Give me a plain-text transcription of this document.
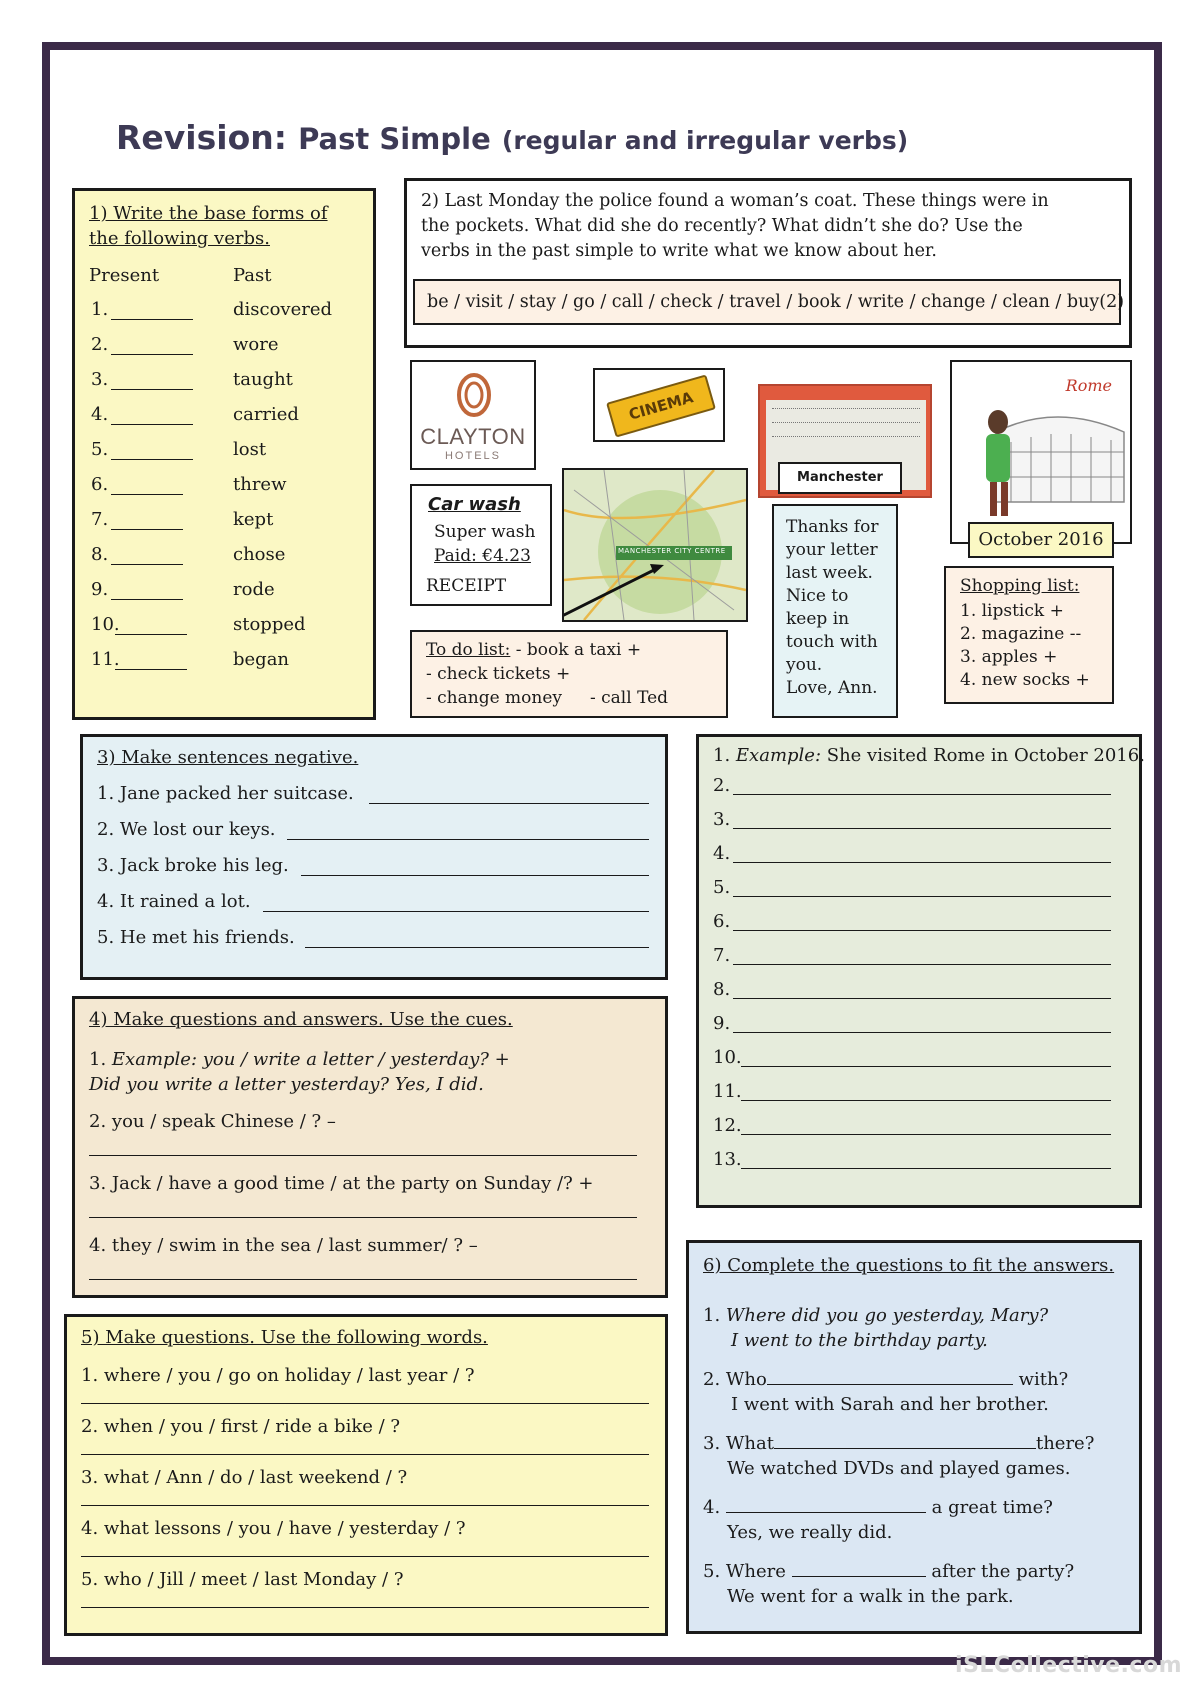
Revision: Past Simple (regular and irregular verbs)
1) Write the base forms of
the following verbs.
Present	Past
1.	discovered
2.	wore
3.	taught
4.	carried
5.	lost
6.	threw
7.	kept
8.	chose
9.	rode
10.	stopped
11.	began
2) Last Monday the police found a woman’s coat. These things were in
the pockets. What did she do recently? What didn’t she do? Use the
verbs in the past simple to write what we know about her.
be / visit / stay / go / call / check / travel / book / write / change / clean / buy(2)
CLAYTON
HOTELS
CINEMA
Manchester
Rome
October 2016
Car wash
Super wash
Paid: €4.23
RECEIPT
MANCHESTER CITY CENTRE
Thanks for
your letter
last week.
Nice to
keep in
touch with
you.
Love, Ann.
Shopping list:
1. lipstick +
2. magazine --
3. apples +
4. new socks +
To do list: - book a taxi +
- check tickets +
- change money - call Ted
3) Make sentences negative.
1. Jane packed her suitcase.
2. We lost our keys.
3. Jack broke his leg.
4. It rained a lot.
5. He met his friends.
1. Example: She visited Rome in October 2016.
2.
3.
4.
5.
6.
7.
8.
9.
10.
11.
12.
13.
4) Make questions and answers. Use the cues.
1. Example: you / write a letter / yesterday? +
Did you write a letter yesterday? Yes, I did.
2. you / speak Chinese / ? –
3. Jack / have a good time / at the party on Sunday /? +
4. they / swim in the sea / last summer/ ? –
5) Make questions. Use the following words.
1. where / you / go on holiday / last year / ?
2. when / you / first / ride a bike / ?
3. what / Ann / do / last weekend / ?
4. what lessons / you / have / yesterday / ?
5. who / Jill / meet / last Monday / ?
6) Complete the questions to fit the answers.
1. Where did you go yesterday, Mary?
I went to the birthday party.
2. Who	with?
I went with Sarah and her brother.
3. What	there?
We watched DVDs and played games.
4.	a great time?
Yes, we really did.
5. Where	after the party?
We went for a walk in the park.
iSLCollective.com
